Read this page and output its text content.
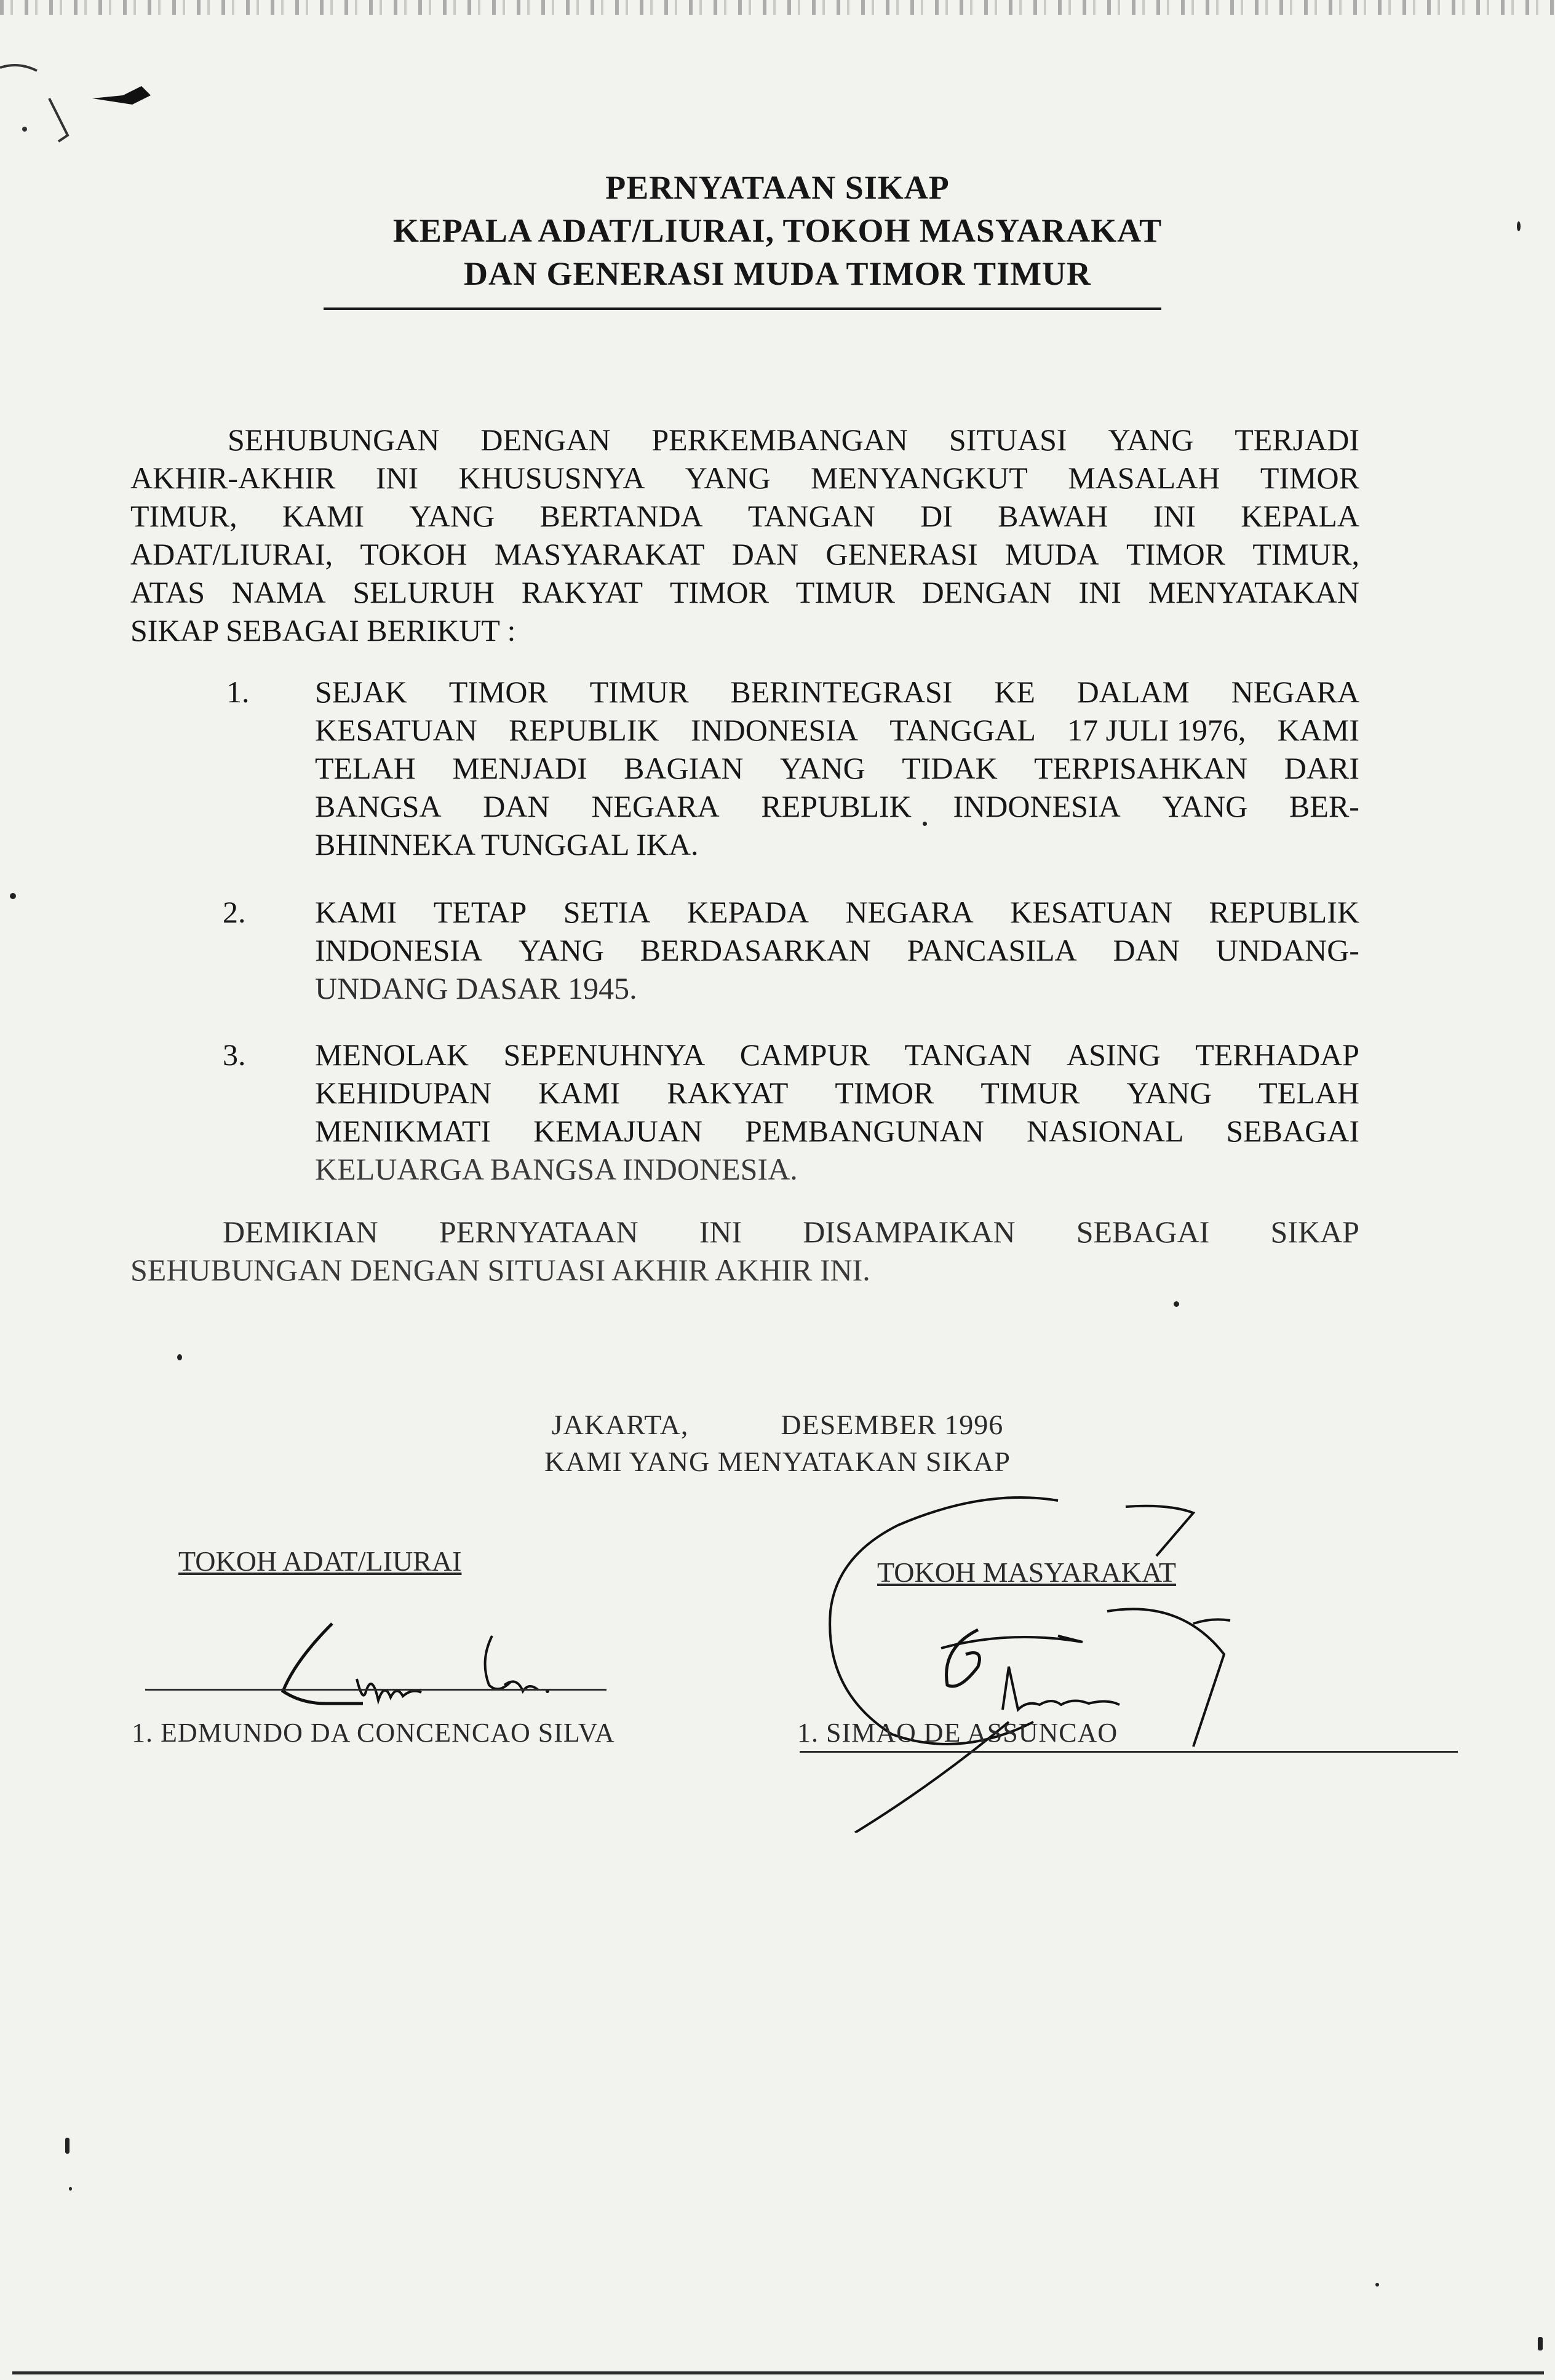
PERNYATAAN SIKAP
KEPALA ADAT/LIURAI, TOKOH MASYARAKAT
DAN GENERASI MUDA TIMOR TIMUR
SEHUBUNGAN DENGAN PERKEMBANGAN SITUASI YANG TERJADI
AKHIR-AKHIR INI KHUSUSNYA YANG MENYANGKUT MASALAH TIMOR
TIMUR, KAMI YANG BERTANDA TANGAN DI BAWAH INI KEPALA
ADAT/LIURAI, TOKOH MASYARAKAT DAN GENERASI MUDA TIMOR TIMUR,
ATAS NAMA SELURUH RAKYAT TIMOR TIMUR DENGAN INI MENYATAKAN
SIKAP SEBAGAI BERIKUT :
1. SEJAK TIMOR TIMUR BERINTEGRASI KE DALAM NEGARA
KESATUAN REPUBLIK INDONESIA TANGGAL 17 JULI 1976, KAMI
TELAH MENJADI BAGIAN YANG TIDAK TERPISAHKAN DARI
BANGSA DAN NEGARA REPUBLIK INDONESIA YANG BER-
BHINNEKA TUNGGAL IKA.
2. KAMI TETAP SETIA KEPADA NEGARA KESATUAN REPUBLIK
INDONESIA YANG BERDASARKAN PANCASILA DAN UNDANG-
UNDANG DASAR 1945.
3. MENOLAK SEPENUHNYA CAMPUR TANGAN ASING TERHADAP
KEHIDUPAN KAMI RAKYAT TIMOR TIMUR YANG TELAH
MENIKMATI KEMAJUAN PEMBANGUNAN NASIONAL SEBAGAI
KELUARGA BANGSA INDONESIA.
DEMIKIAN PERNYATAAN INI DISAMPAIKAN SEBAGAI SIKAP
SEHUBUNGAN DENGAN SITUASI AKHIR AKHIR INI.
JAKARTA,	DESEMBER 1996
KAMI YANG MENYATAKAN SIKAP
TOKOH ADAT/LIURAI
1. EDMUNDO DA CONCENCAO SILVA
TOKOH MASYARAKAT
1. SIMAO DE ASSUNCAO
